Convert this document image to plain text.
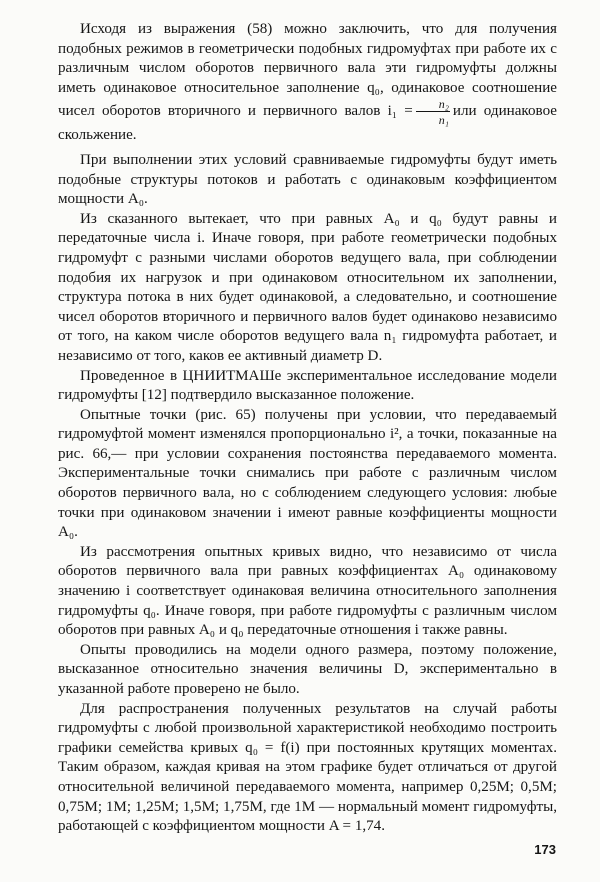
Исходя из выражения (58) можно заключить, что для получения подобных режимов в геометрически подобных гидромуфтах при работе их с различным числом оборотов первичного вала эти гидромуфты должны иметь одинаковое относительное заполнение q₀, одинаковое соотношение чисел оборотов вторичного и первичного валов $i_1 = \frac{\text{n₂}}{\text{n₁}}$ или одинаковое скольжение.

При выполнении этих условий сравниваемые гидромуфты будут иметь подобные структуры потоков и работать с одинаковым коэффициентом мощности A₀.

Из сказанного вытекает, что при равных A₀ и q₀ будут равны и передаточные числа i. Иначе говоря, при работе геометрически подобных гидромуфт с разными числами оборотов ведущего вала, при соблюдении подобия их нагрузок и при одинаковом относительном их заполнении, структура потока в них будет одинаковой, а следовательно, и соотношение чисел оборотов вторичного и первичного валов будет одинаково независимо от того, на каком числе оборотов ведущего вала n₁ гидромуфта работает, и независимо от того, каков ее активный диаметр D.

Проведенное в ЦНИИТМАШе экспериментальное исследование модели гидромуфты [12] подтвердило высказанное положение.

Опытные точки (рис. 65) получены при условии, что передаваемый гидромуфтой момент изменялся пропорционально i², а точки, показанные на рис. 66,— при условии сохранения постоянства передаваемого момента. Экспериментальные точки снимались при работе с различным числом оборотов первичного вала, но с соблюдением следующего условия: любые точки при одинаковом значении i имеют равные коэффициенты мощности A₀.

Из рассмотрения опытных кривых видно, что независимо от числа оборотов первичного вала при равных коэффициентах A₀ одинаковому значению i соответствует одинаковая величина относительного заполнения гидромуфты q₀. Иначе говоря, при работе гидромуфты с различным числом оборотов при равных A₀ и q₀ передаточные отношения i также равны.

Опыты проводились на модели одного размера, поэтому положение, высказанное относительно значения величины D, экспериментально в указанной работе проверено не было.

Для распространения полученных результатов на случай работы гидромуфты с любой произвольной характеристикой необходимо построить графики семейства кривых q₀ = f(i) при постоянных крутящих моментах. Таким образом, каждая кривая на этом графике будет отличаться от другой относительной величиной передаваемого момента, например 0,25M; 0,5M; 0,75M; 1M; 1,25M; 1,5M; 1,75M, где 1M — нормальный момент гидромуфты, работающей с коэффициентом мощности A = 1,74.

173
